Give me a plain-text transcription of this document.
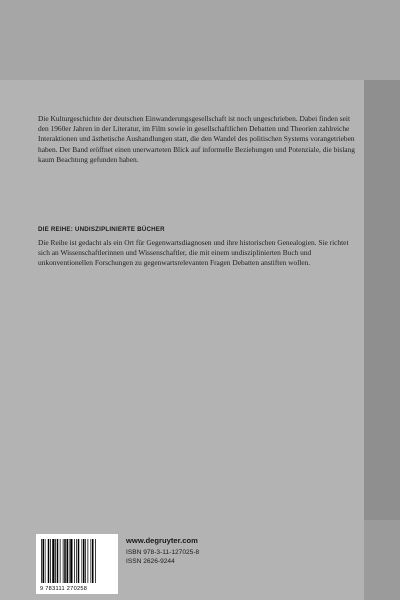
Die Kulturgeschichte der deutschen Einwanderungsgesellschaft ist noch ungeschrieben. Dabei finden seit den 1960er Jahren in der Literatur, im Film sowie in gesellschaftlichen Debatten und Theorien zahlreiche Interaktionen und ästhetische Aushandlungen statt, die den Wandel des politischen Systems vorangetrieben haben. Der Band eröffnet einen unerwarteten Blick auf informelle Beziehungen und Potenziale, die bislang kaum Beachtung gefunden haben.

DIE REIHE: UNDISZIPLINIERTE BÜCHER

Die Reihe ist gedacht als ein Ort für Gegenwartsdiagnosen und ihre historischen Genealogien. Sie richtet sich an Wissenschaftlerinnen und Wissenschaftler, die mit einem undisziplinierten Buch und unkonventionellen Forschungen zu gegenwartsrelevanten Fragen Debatten anstiften wollen.

9 783111 270258
www.degruyter.com
ISBN 978-3-11-127025-8
ISSN 2626-9244
